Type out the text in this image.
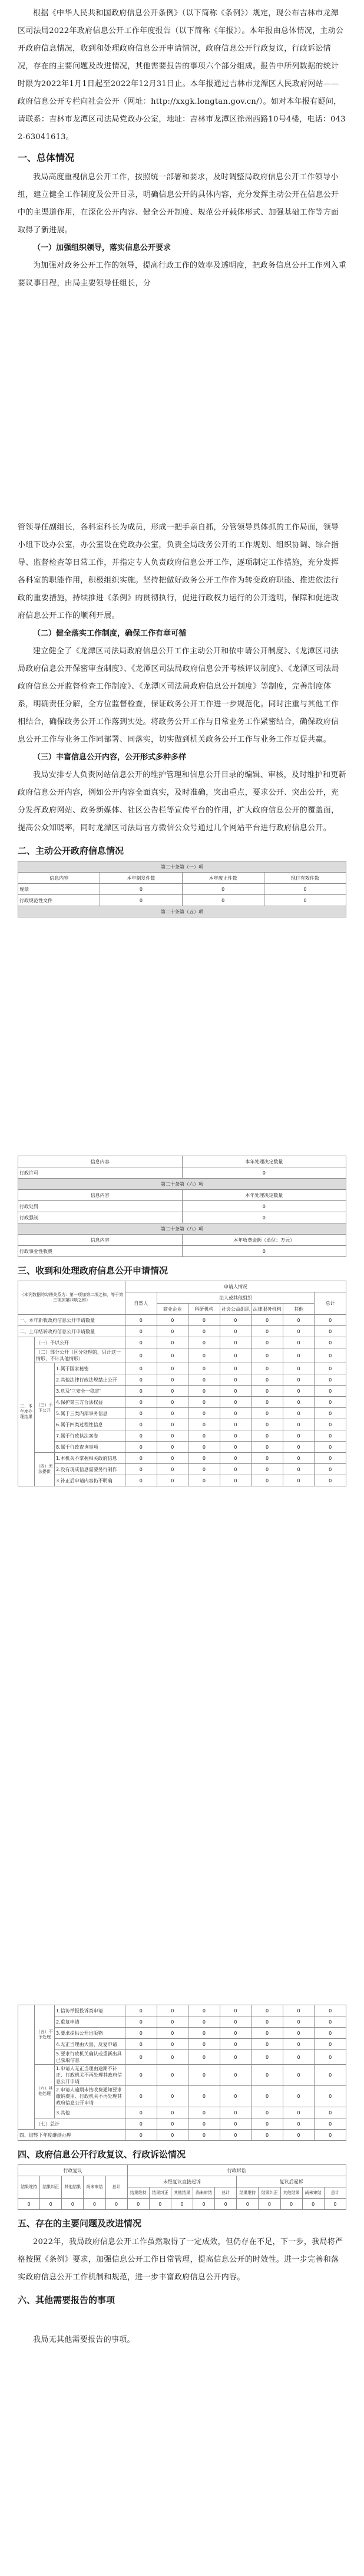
根据《中华人民共和国政府信息公开条例》（以下简称《条例》）规定，现公布吉林市龙潭区司法局2022年政府信息公开工作年度报告（以下简称《年报》）。本年报由总体情况，主动公开政府信息情况，收到和处理政府信息公开申请情况，政府信息公开行政复议，行政诉讼情况，存在的主要问题及改进情况，其他需要报告的事项六个部分组成。报告中所列数据的统计时限为2022年1月1日起至2022年12月31日止。本年报通过吉林市龙潭区人民政府网站——政府信息公开专栏向社会公开（网址：http://xxgk.longtan.gov.cn/）。如对本年报有疑问，请联系：吉林市龙潭区司法局党政办公室，地址：吉林市龙潭区徐州西路10号4楼，电话：0432-63041613。

一、总体情况

我局高度重视信息公开工作，按照统一部署和要求，及时调整局政府信息公开工作领导小组，建立健全工作制度及公开目录，明确信息公开的具体内容，充分发挥主动公开在信息公开中的主渠道作用，在深化公开内容、健全公开制度、规范公开载体形式、加强基础工作等方面取得了新进展。

（一）加强组织领导，落实信息公开要求

为加强对政务公开工作的领导，提高行政工作的效率及透明度，把政务信息公开工作列入重要议事日程，由局主要领导任组长，分

管领导任副组长，各科室科长为成员，形成一把手亲自抓，分管领导具体抓的工作局面，领导小组下设办公室，办公室设在党政办公室，负责全局政务公开的工作规划、组织协调、综合指导、监督检查等日常工作，并指定专人负责政府信息公开工作，逐项制定工作措施，充分发挥各科室的职能作用，积极组织实施。坚持把做好政务公开工作作为转变政府职能、推进依法行政的重要措施，持续推进《条例》的贯彻执行，促进行政权力运行的公开透明，保障和促进政府信息公开工作的顺利开展。

（二）健全落实工作制度，确保工作有章可循

建立健全了《龙潭区司法局政府信息公开工作主动公开和依申请公开制度》、《龙潭区司法局政府信息公开保密审查制度》、《龙潭区司法局政府信息公开考核评议制度》、《龙潭区司法局政府信息公开监督检查工作制度》、《龙潭区司法局政府信息公开制度》等制度，完善制度体系，明确责任分解，全方位监督检查，保证政务公开工作进一步规范化。同时注重与其他工作相结合，确保政务公开工作落到实处。将政务公开工作与日常业务工作紧密结合，确保政府信息公开工作与业务工作同部署、同落实，切实做到机关政务公开工作与业务工作互促共赢。

（三）丰富信息公开内容，公开形式多种多样

我局安排专人负责网站信息公开的维护管理和信息公开目录的编辑、审核，及时维护和更新政府信息公开内容，例如公开内容全面真实，及时准确，突出重点，要求公开、突出公开，充分发挥政府网站、政务新媒体、社区公告栏等宣传平台的作用，扩大政府信息公开的覆盖面，提高公众知晓率，同时龙潭区司法局官方微信公众号通过几个网站平台进行政府信息公开。

二、主动公开政府信息情况
第二十条第（一）项			
信息内容	本年制发件数	本年废止件数	现行有效件数
规章	0	0	0
行政规范性文件	0	0	0
第二十条第（五）项			
信息内容	本年处理决定数量
行政许可	0
第二十条第（六）项	
信息内容	本年处理决定数量
行政处罚	0
行政强制	0
第二十条第（八）项	
信息内容	本年收费金额（单位：万元）
行政事业性收费	0
三、收到和处理政府信息公开申请情况
（本列数据的勾稽关系为：第一项加第二项之和，等于第三项加第四项之和）			申请人情况						
			自然人	法人或其他组织					总计
				商业企业	科研机构	社会公益组织	法律服务机构	其他	
一、本年新收政府信息公开申请数量			0	0	0	0	0	0	0
二、上年结转政府信息公开申请数量			0	0	0	0	0	0	0
三、本年度办理结果	（一）予以公开		0	0	0	0	0	0	0
	（二）部分公开（区分处理的，只计这一情形，不计其他情形）		0	0	0	0	0	0	0
	（三）不予公开	1.属于国家秘密	0	0	0	0	0	0	0
		2.其他法律行政法规禁止公开	0	0	0	0	0	0	0
		3.危及'三安全一稳定'	0	0	0	0	0	0	0
		4.保护第三方合法权益	0	0	0	0	0	0	0
		5.属于三类内部事务信息	0	0	0	0	0	0	0
		6.属于四类过程性信息	0	0	0	0	0	0	0
		7.属于行政执法案卷	0	0	0	0	0	0	0
		8.属于行政查询事项	0	0	0	0	0	0	0
	（四）无法提供	1.本机关不掌握相关政府信息	0	0	0	0	0	0	0
		2.没有现成信息需要另行制作	0	0	0	0	0	0	0
		3.补正后申请内容仍不明确	0	0	0	0	0	0	0
	（五）不予处理	1.信访举报投诉类申请	0	0	0	0	0	0	0
		2.重复申请	0	0	0	0	0	0	0
		3.要求提供公开出版物	0	0	0	0	0	0	0
		4.无正当理由大量、反复申请	0	0	0	0	0	0	0
		5.要求行政机关确认或重新出具已获取信息	0	0	0	0	0	0	0
	（六）其他处理	1.申请人无正当理由逾期不补正、行政机关不再处理其政府信息公开申请	0	0	0	0	0	0	0
		2.申请人逾期未按收费通知要求缴纳费用、行政机关不再处理其政府信息公开申请	0	0	0	0	0	0	0
		3.其他	0	0	0	0	0	0	0
	（七）总计		0	0	0	0	0	0	0
四、结转下年度继续办理			0	0	0	0	0	0	0
四、政府信息公开行政复议、行政诉讼情况
行政复议					行政诉讼									
结果维持	结果纠正	其他结果	尚未审结	总计	未经复议直接起诉					复议后起诉				
					结果维持	结果纠正	其他结果	尚未审结	总计	结果维持	结果纠正	其他结果	尚未审结	总计
0	0	0	0	0	0	0	0	0	0	0	0	0	0	0
五、存在的主要问题及改进情况

2022年，我局政府信息公开工作虽然取得了一定成效，但仍存在不足，下一步，我局将严格按照《条例》要求，加强信息公开工作日常管理，提高信息公开的时效性。进一步完善和落实政府信息公开工作机制和规范，进一步丰富政府信息公开内容。

六、其他需要报告的事项

我局无其他需要报告的事项。
